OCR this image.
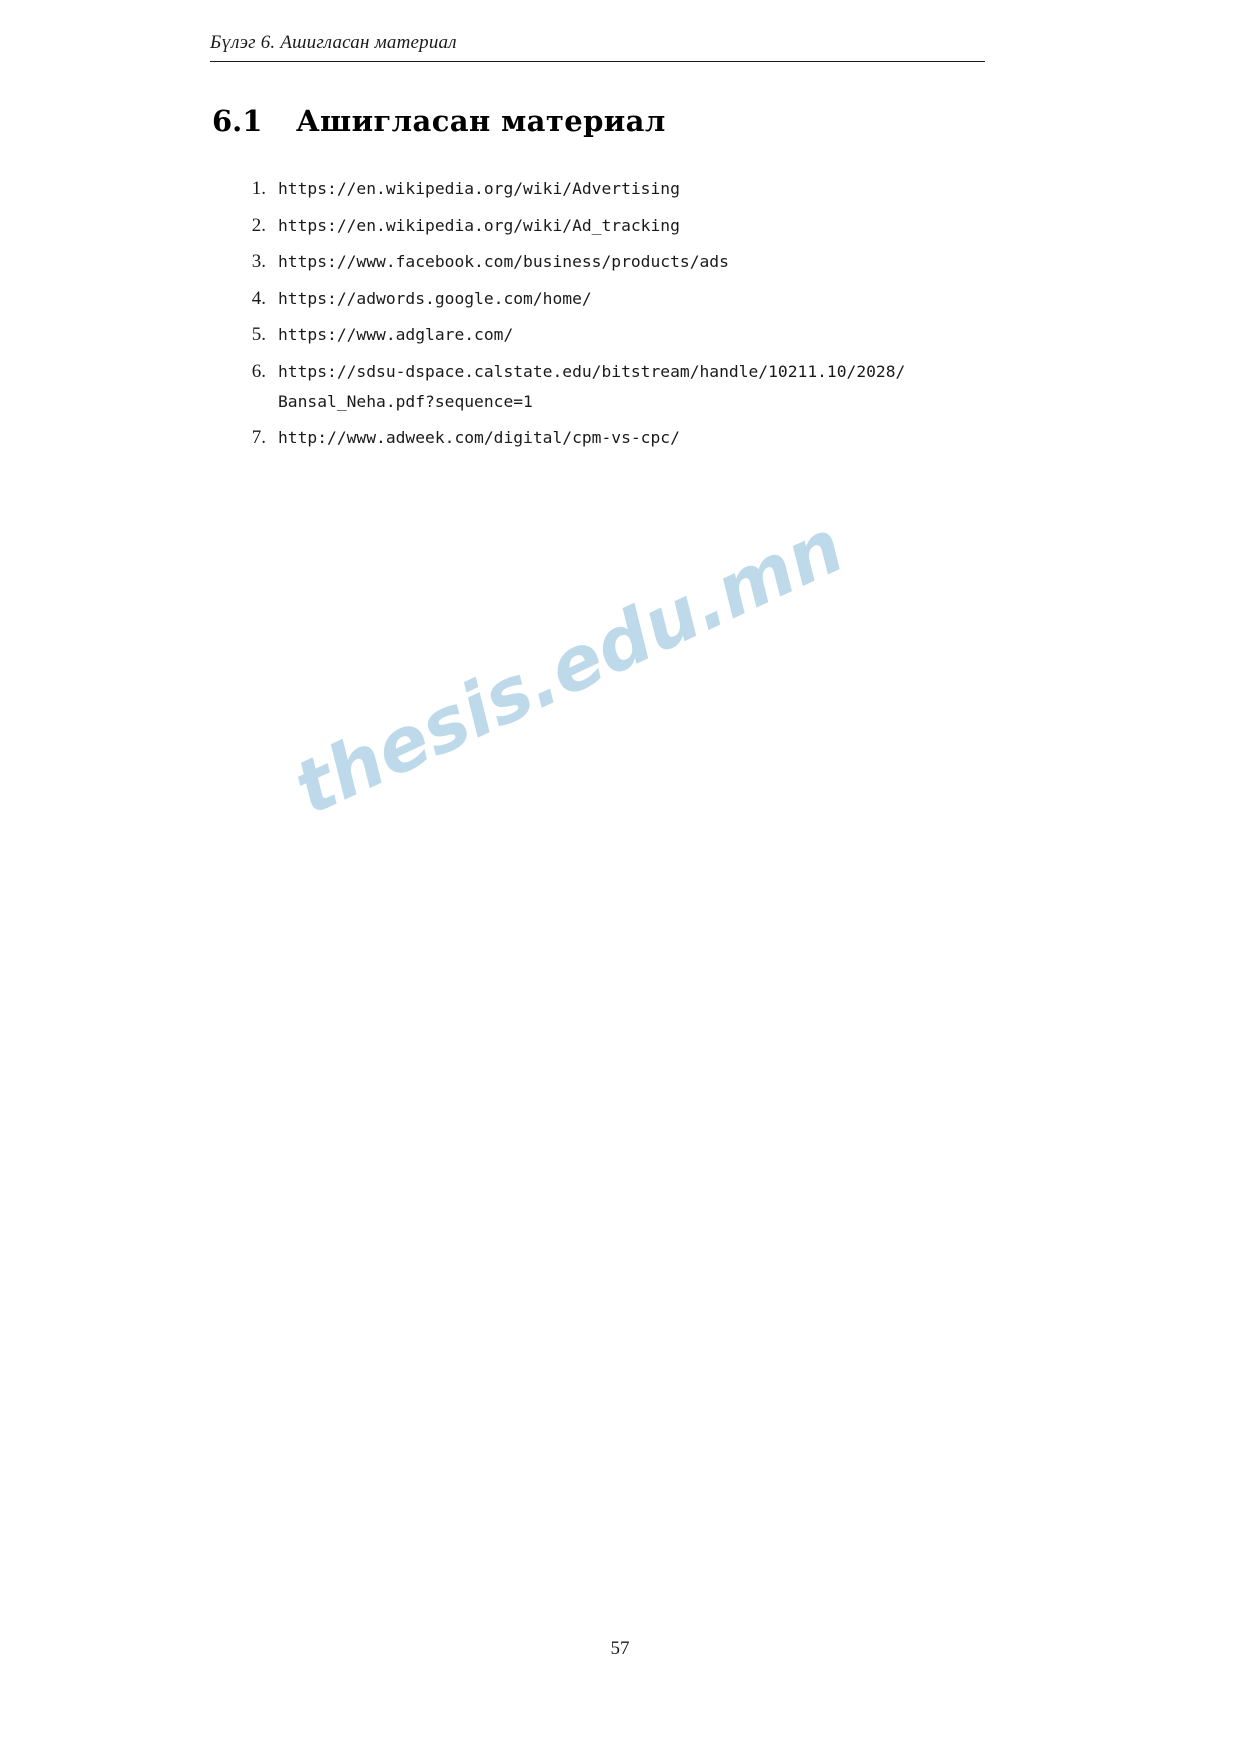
Бүлэг 6. Ашигласан материал
6.1	Ашигласан материал
1. https://en.wikipedia.org/wiki/Advertising
2. https://en.wikipedia.org/wiki/Ad_tracking
3. https://www.facebook.com/business/products/ads
4. https://adwords.google.com/home/
5. https://www.adglare.com/
6. https://sdsu-dspace.calstate.edu/bitstream/handle/10211.10/2028/
Bansal_Neha.pdf?sequence=1
7. http://www.adweek.com/digital/cpm-vs-cpc/
thesis.edu.mn
57
